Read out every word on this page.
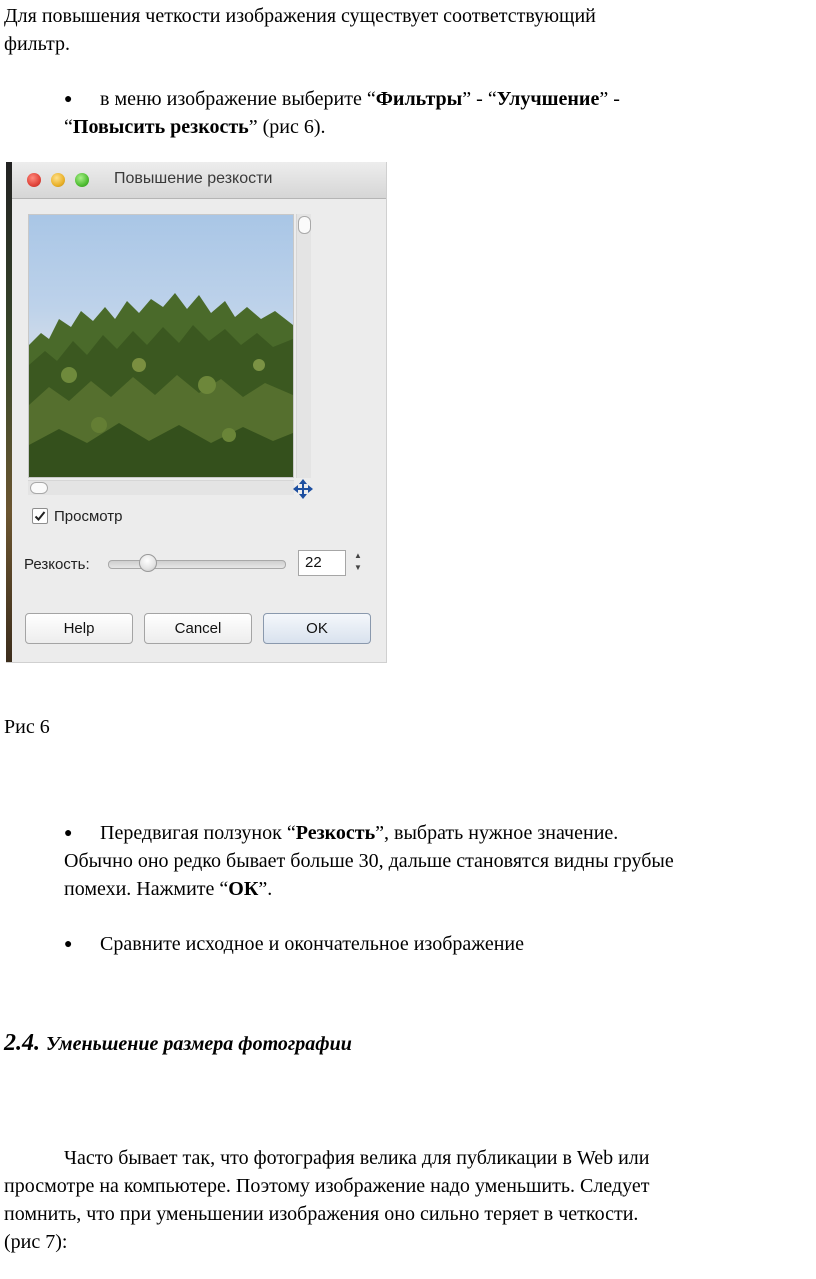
Для повышения четкости изображения существует соответствующий
фильтр.
● в меню изображение выберите “Фильтры” - “Улучшение” -
“Повысить резкость” (рис 6).
Повышение резкости
Просмотр
Резкость:	22	▲
▼
Help	Cancel	OK
Рис 6
● Передвигая ползунок “Резкость”, выбрать нужное значение.
Обычно оно редко бывает больше 30, дальше становятся видны грубые
помехи. Нажмите “ОК”.
● Сравните исходное и окончательное изображение
2.4. Уменьшение размера фотографии
Часто бывает так, что фотография велика для публикации в Web или
просмотре на компьютере. Поэтому изображение надо уменьшить. Следует
помнить, что при уменьшении изображения оно сильно теряет в четкости.
(рис 7):
